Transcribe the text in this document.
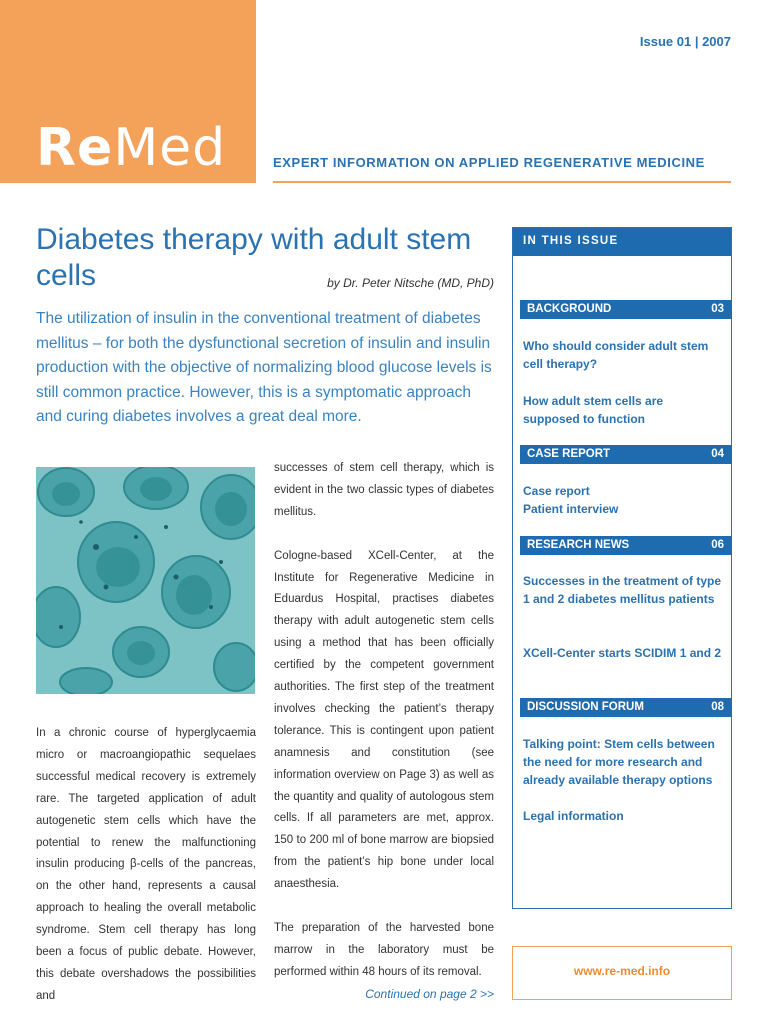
ReMed
Issue 01 | 2007
EXPERT INFORMATION ON APPLIED REGENERATIVE MEDICINE
Diabetes therapy with adult stem cells	by Dr. Peter Nitsche (MD, PhD)
The utilization of insulin in the conventional treatment of diabetes mellitus – for both the dysfunctional secretion of insulin and insulin production with the objective of normalizing blood glucose levels is still common practice. However, this is a symptomatic approach and curing diabetes involves a great deal more.

In a chronic course of hyperglycaemia micro or macroangiopathic sequelaes successful medical recovery is extremely rare. The targeted application of adult autogenetic stem cells which have the potential to renew the malfunctioning insulin producing β-cells of the pancreas, on the other hand, represents a causal approach to healing the overall metabolic syndrome. Stem cell therapy has long been a focus of public debate. However, this debate overshadows the possibilities and

successes of stem cell therapy, which is evident in the two classic types of diabetes mellitus.

Cologne-based XCell-Center, at the Institute for Regenerative Medicine in Eduardus Hospital, practises diabetes therapy with adult autogenetic stem cells using a method that has been officially certified by the competent government authorities. The first step of the treatment involves checking the patient’s therapy tolerance. This is contingent upon patient anamnesis and constitution (see information overview on Page 3) as well as the quantity and quality of autologous stem cells. If all parameters are met, approx. 150 to 200 ml of bone marrow are biopsied from the patient’s hip bone under local anaesthesia.

The preparation of the harvested bone marrow in the laboratory must be performed within 48 hours of its removal.

Continued on page 2 >>
IN THIS ISSUE
BACKGROUND	03
Who should consider adult stem cell therapy?
How adult stem cells are supposed to function
CASE REPORT	04
Case report
Patient interview
RESEARCH NEWS	06
Successes in the treatment of type 1 and 2 diabetes mellitus patients
XCell-Center starts SCIDIM 1 and 2
DISCUSSION FORUM	08
Talking point: Stem cells between the need for more research and already available therapy options
Legal information
www.re-med.info
